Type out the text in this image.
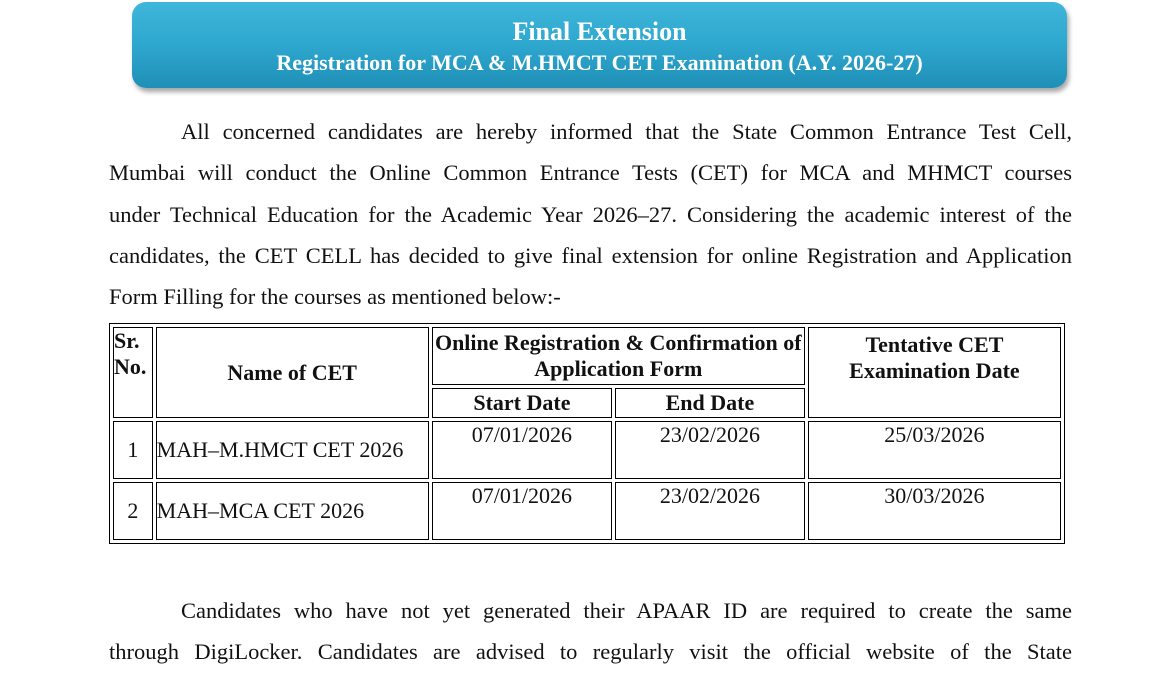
Final Extension
Registration for MCA & M.HMCT CET Examination (A.Y. 2026-27)
All concerned candidates are hereby informed that the State Common Entrance Test Cell,
Mumbai will conduct the Online Common Entrance Tests (CET) for MCA and MHMCT courses
under Technical Education for the Academic Year 2026–27. Considering the academic interest of the
candidates, the CET CELL has decided to give final extension for online Registration and Application
Form Filling for the courses as mentioned below:-
Sr.
No.	Name of CET	Online Registration & Confirmation of Application Form		Tentative CET Examination Date
		Start Date	End Date	
1	MAH–M.HMCT CET 2026	07/01/2026	23/02/2026	25/03/2026
2	MAH–MCA CET 2026	07/01/2026	23/02/2026	30/03/2026
Candidates who have not yet generated their APAAR ID are required to create the same
through DigiLocker. Candidates are advised to regularly visit the official website of the State
